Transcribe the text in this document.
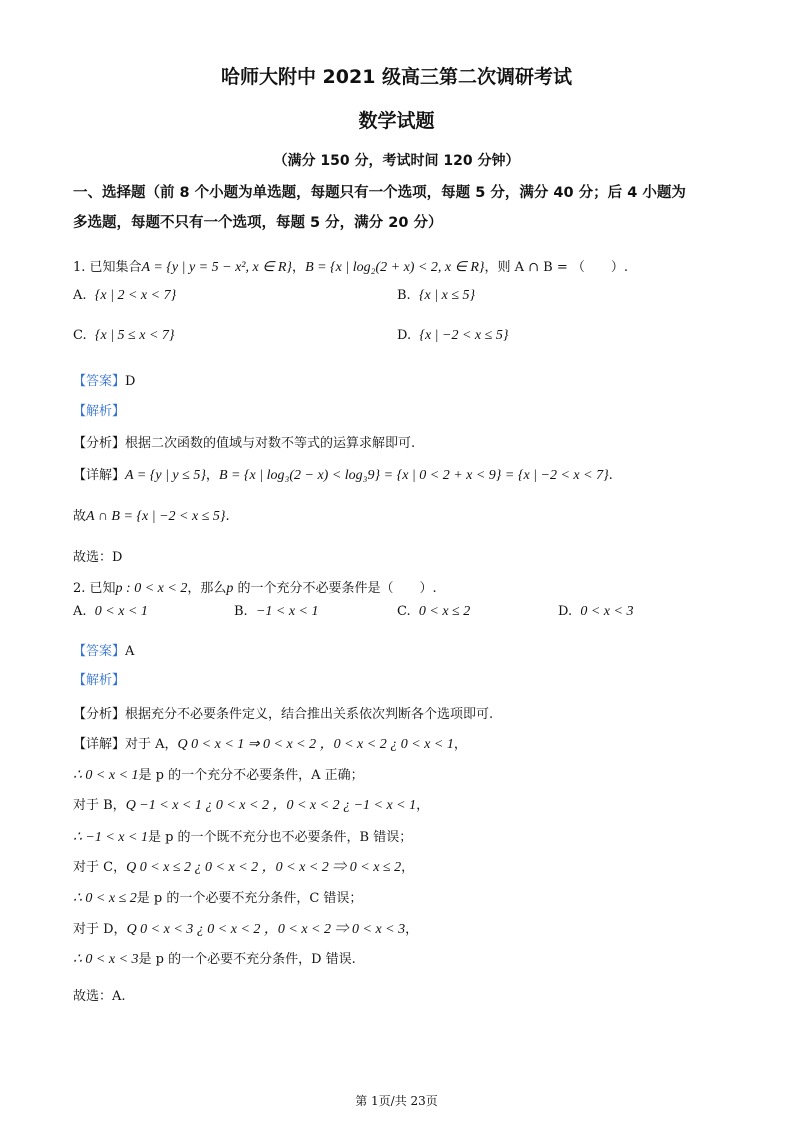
哈师大附中 2021 级高三第二次调研考试
数学试题
（满分 150 分，考试时间 120 分钟）
一、选择题（前 8 个小题为单选题，每题只有一个选项，每题 5 分，满分 40 分；后 4 小题为
多选题，每题不只有一个选项，每题 5 分，满分 20 分）
1. 已知集合A = {y | y = 5 − x², x ∈ R}，B = {x | log₂(2 + x) < 2, x ∈ R}，则 A ∩ B = （　　）.
A. {x | 2 < x < 7}	B. {x | x ≤ 5}
C. {x | 5 ≤ x < 7}	D. {x | −2 < x ≤ 5}
【答案】D
【解析】
【分析】根据二次函数的值域与对数不等式的运算求解即可.
【详解】A = {y | y ≤ 5}，B = {x | log₃(2 − x) < log₃9} = {x | 0 < 2 + x < 9} = {x | −2 < x < 7}.
故A ∩ B = {x | −2 < x ≤ 5}.
故选：D
2. 已知p : 0 < x < 2，那么p 的一个充分不必要条件是（　　）.
A. 0 < x < 1	B. −1 < x < 1	C. 0 < x ≤ 2	D. 0 < x < 3
【答案】A
【解析】
【分析】根据充分不必要条件定义，结合推出关系依次判断各个选项即可.
【详解】对于 A，Q 0 < x < 1 ⇒ 0 < x < 2 ，0 < x < 2 ¿ 0 < x < 1，
∴ 0 < x < 1是 p 的一个充分不必要条件，A 正确；
对于 B，Q −1 < x < 1 ¿ 0 < x < 2 ，0 < x < 2 ¿ −1 < x < 1，
∴ −1 < x < 1是 p 的一个既不充分也不必要条件，B 错误；
对于 C，Q 0 < x ≤ 2 ¿ 0 < x < 2 ，0 < x < 2 ⇒ 0 < x ≤ 2，
∴ 0 < x ≤ 2是 p 的一个必要不充分条件，C 错误；
对于 D，Q 0 < x < 3 ¿ 0 < x < 2 ，0 < x < 2 ⇒ 0 < x < 3，
∴ 0 < x < 3是 p 的一个必要不充分条件，D 错误.
故选：A.
第 1页/共 23页
